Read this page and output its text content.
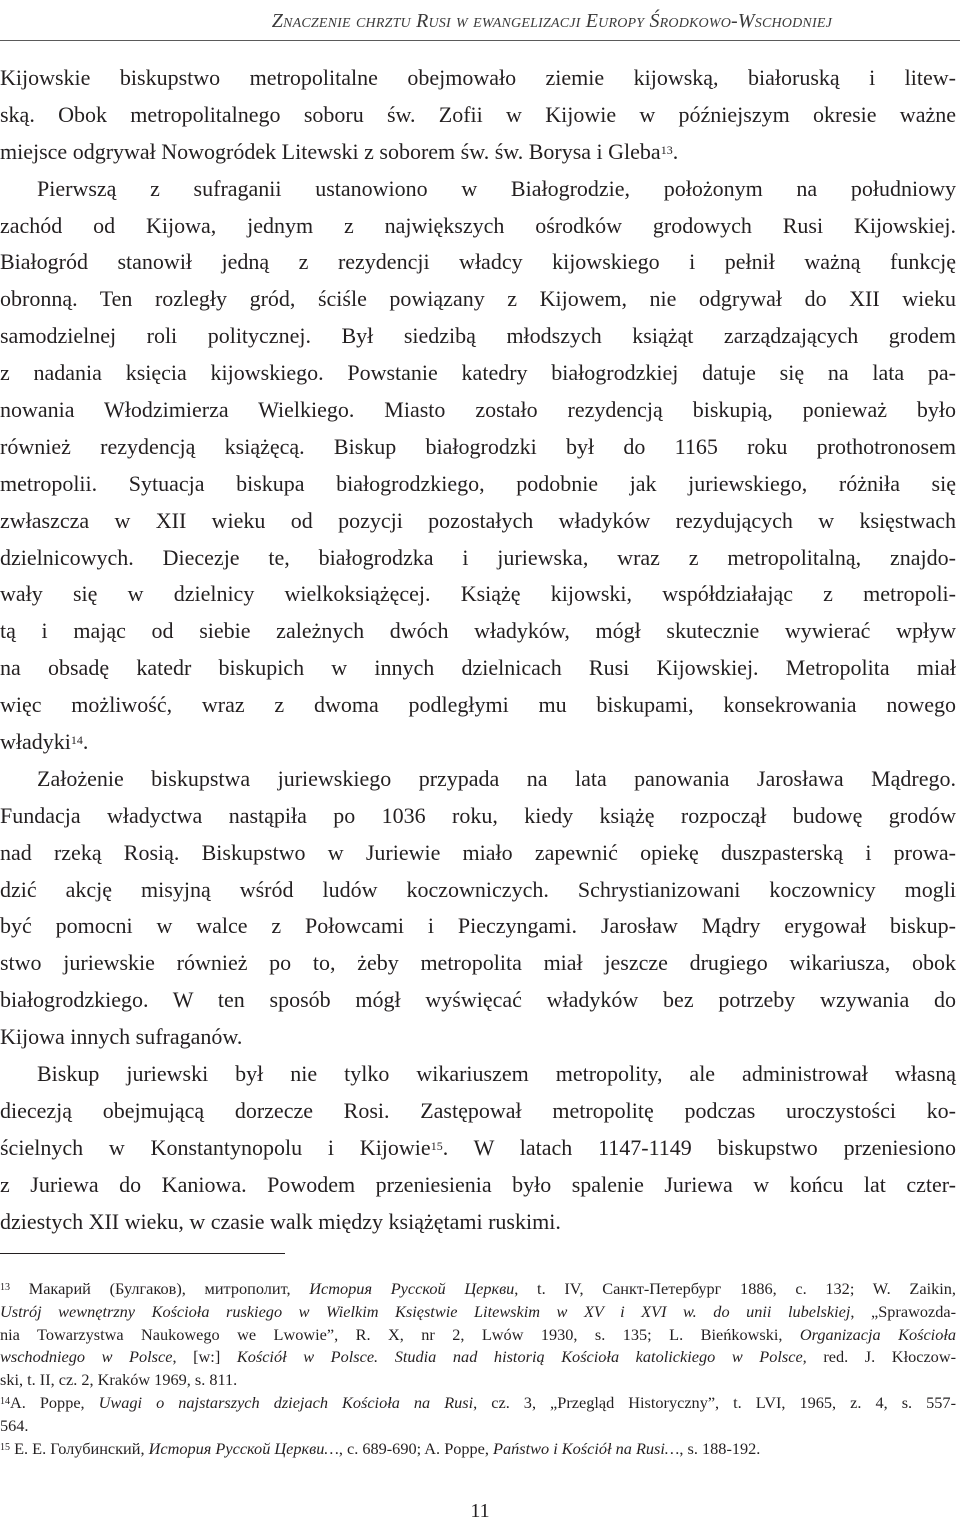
Znaczenie chrztu Rusi w ewangelizacji Europy Środkowo-Wschodniej
Kijowskie biskupstwo metropolitalne obejmowało ziemie kijowską, białoruską i litew-
ską. Obok metropolitalnego soboru św. Zofii w Kijowie w późniejszym okresie ważne
miejsce odgrywał Nowogródek Litewski z soborem św. św. Borysa i Gleba$^{13}$.
Pierwszą z sufraganii ustanowiono w Białogrodzie, położonym na południowy
zachód od Kijowa, jednym z największych ośrodków grodowych Rusi Kijowskiej.
Białogród stanowił jedną z rezydencji władcy kijowskiego i pełnił ważną funkcję
obronną. Ten rozległy gród, ściśle powiązany z Kijowem, nie odgrywał do XII wieku
samodzielnej roli politycznej. Był siedzibą młodszych książąt zarządzających grodem
z nadania księcia kijowskiego. Powstanie katedry białogrodzkiej datuje się na lata pa-
nowania Włodzimierza Wielkiego. Miasto zostało rezydencją biskupią, ponieważ było
również rezydencją książęcą. Biskup białogrodzki był do 1165 roku prothotronosem
metropolii. Sytuacja biskupa białogrodzkiego, podobnie jak juriewskiego, różniła się
zwłaszcza w XII wieku od pozycji pozostałych władyków rezydujących w księstwach
dzielnicowych. Diecezje te, białogrodzka i juriewska, wraz z metropolitalną, znajdo-
wały się w dzielnicy wielkoksiążęcej. Książę kijowski, współdziałając z metropoli-
tą i mając od siebie zależnych dwóch władyków, mógł skutecznie wywierać wpływ
na obsadę katedr biskupich w innych dzielnicach Rusi Kijowskiej. Metropolita miał
więc możliwość, wraz z dwoma podległymi mu biskupami, konsekrowania nowego
władyki$^{14}$.
Założenie biskupstwa juriewskiego przypada na lata panowania Jarosława Mądrego.
Fundacja władyctwa nastąpiła po 1036 roku, kiedy książę rozpoczął budowę grodów
nad rzeką Rosią. Biskupstwo w Juriewie miało zapewnić opiekę duszpasterską i prowa-
dzić akcję misyjną wśród ludów koczowniczych. Schrystianizowani koczownicy mogli
być pomocni w walce z Połowcami i Pieczyngami. Jarosław Mądry erygował biskup-
stwo juriewskie również po to, żeby metropolita miał jeszcze drugiego wikariusza, obok
białogrodzkiego. W ten sposób mógł wyświęcać władyków bez potrzeby wzywania do
Kijowa innych sufraganów.
Biskup juriewski był nie tylko wikariuszem metropolity, ale administrował własną
diecezją obejmującą dorzecze Rosi. Zastępował metropolitę podczas uroczystości ko-
ścielnych w Konstantynopolu i Kijowie$^{15}$. W latach 1147-1149 biskupstwo przeniesiono
z Juriewa do Kaniowa. Powodem przeniesienia było spalenie Juriewa w końcu lat czter-
dziestych XII wieku, w czasie walk między książętami ruskimi.
$^{13}$ Макарий (Булгаков), митрополит, История Русской Церкви, t. IV, Санкт-Петербург 1886, c. 132; W. Zaikin,
Ustrój wewnętrzny Kościoła ruskiego w Wielkim Księstwie Litewskim w XV i XVI w. do unii lubelskiej, „Sprawozda-
nia Towarzystwa Naukowego we Lwowie”, R. X, nr 2, Lwów 1930, s. 135; L. Bieńkowski, Organizacja Kościoła
wschodniego w Polsce, [w:] Kościół w Polsce. Studia nad historią Kościoła katolickiego w Polsce, red. J. Kłoczow-
ski, t. II, cz. 2, Kraków 1969, s. 811.
$^{14}$A. Poppe, Uwagi o najstarszych dziejach Kościoła na Rusi, cz. 3, „Przegląd Historyczny”, t. LVI, 1965, z. 4, s. 557-
564.
$^{15}$ Е. Е. Голубинский, История Русской Церкви…, c. 689-690; A. Poppe, Państwo i Kościół na Rusi…, s. 188-192.
11
